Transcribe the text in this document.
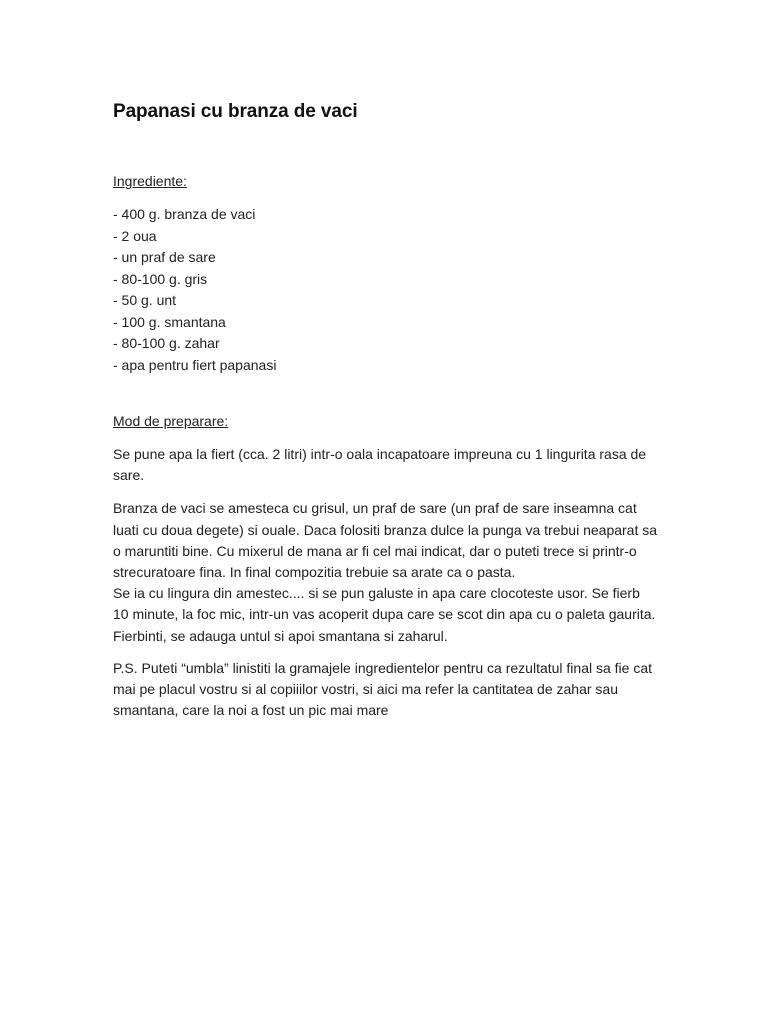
Papanasi cu branza de vaci
Ingrediente:
- 400 g. branza de vaci
- 2 oua
- un praf de sare
- 80-100 g. gris
- 50 g. unt
- 100 g. smantana
- 80-100 g. zahar
- apa pentru fiert papanasi
Mod de preparare:

Se pune apa la fiert (cca. 2 litri) intr-o oala incapatoare impreuna cu 1 lingurita rasa de sare.

Branza de vaci se amesteca cu grisul, un praf de sare (un praf de sare inseamna cat luati cu doua degete) si ouale. Daca folositi branza dulce la punga va trebui neaparat sa o maruntiti bine. Cu mixerul de mana ar fi cel mai indicat, dar o puteti trece si printr-o strecuratoare fina. In final compozitia trebuie sa arate ca o pasta.

Se ia cu lingura din amestec.... si se pun galuste in apa care clocoteste usor. Se fierb 10 minute, la foc mic, intr-un vas acoperit dupa care se scot din apa cu o paleta gaurita.

Fierbinti, se adauga untul si apoi smantana si zaharul.

P.S. Puteti “umbla” linistiti la gramajele ingredientelor pentru ca rezultatul final sa fie cat mai pe placul vostru si al copiiilor vostri, si aici ma refer la cantitatea de zahar sau smantana, care la noi a fost un pic mai mare
